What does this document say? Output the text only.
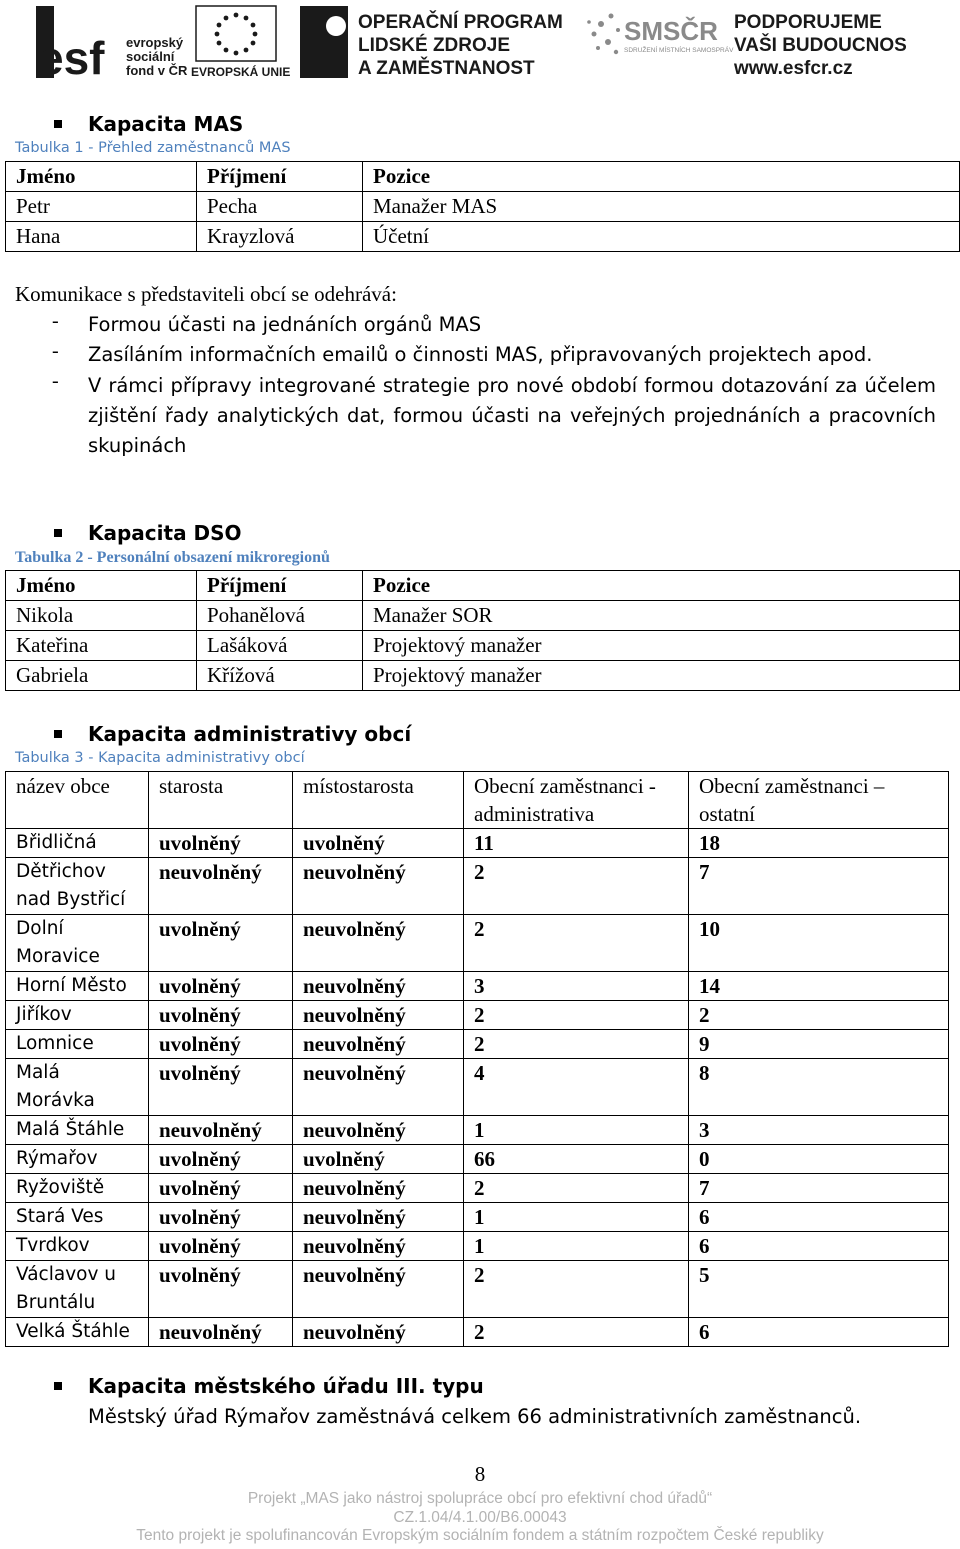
esf evropský
sociální
fond v ČR EVROPSKÁ UNIE
OPERAČNÍ PROGRAM
LIDSKÉ ZDROJE
A ZAMĚSTNANOST
SMSČR
SDRUŽENÍ MÍSTNÍCH SAMOSPRÁV
PODPORUJEME
VAŠI BUDOUCNOST
www.esfcr.cz
Kapacita MAS
Tabulka 1 - Přehled zaměstnanců MAS
Jméno	Příjmení	Pozice
Petr	Pecha	Manažer MAS
Hana	Krayzlová	Účetní
Komunikace s představiteli obcí se odehrává:
- Formou účasti na jednáních orgánů MAS
- Zasíláním informačních emailů o činnosti MAS, připravovaných projektech apod.
- V rámci přípravy integrované strategie pro nové období formou dotazování za účelem zjištění řady analytických dat, formou účasti na veřejných projednáních a pracovních skupinách
Kapacita DSO
Tabulka 2 - Personální obsazení mikroregionů
Jméno	Příjmení	Pozice
Nikola	Pohanělová	Manažer SOR
Kateřina	Lašáková	Projektový manažer
Gabriela	Křížová	Projektový manažer
Kapacita administrativy obcí
Tabulka 3 - Kapacita administrativy obcí
název obce	starosta	místostarosta	Obecní zaměstnanci - administrativa	Obecní zaměstnanci – ostatní
Břidličná	uvolněný	uvolněný	11	18
Dětřichov nad Bystřicí	neuvolněný	neuvolněný	2	7
Dolní Moravice	uvolněný	neuvolněný	2	10
Horní Město	uvolněný	neuvolněný	3	14
Jiříkov	uvolněný	neuvolněný	2	2
Lomnice	uvolněný	neuvolněný	2	9
Malá Morávka	uvolněný	neuvolněný	4	8
Malá Štáhle	neuvolněný	neuvolněný	1	3
Rýmařov	uvolněný	uvolněný	66	0
Ryžoviště	uvolněný	neuvolněný	2	7
Stará Ves	uvolněný	neuvolněný	1	6
Tvrdkov	uvolněný	neuvolněný	1	6
Václavov u Bruntálu	uvolněný	neuvolněný	2	5
Velká Štáhle	neuvolněný	neuvolněný	2	6
Kapacita městského úřadu III. typu
Městský úřad Rýmařov zaměstnává celkem 66 administrativních zaměstnanců.
8
Projekt „MAS jako nástroj spolupráce obcí pro efektivní chod úřadů“
CZ.1.04/4.1.00/B6.00043
Tento projekt je spolufinancován Evropským sociálním fondem a státním rozpočtem České republiky
